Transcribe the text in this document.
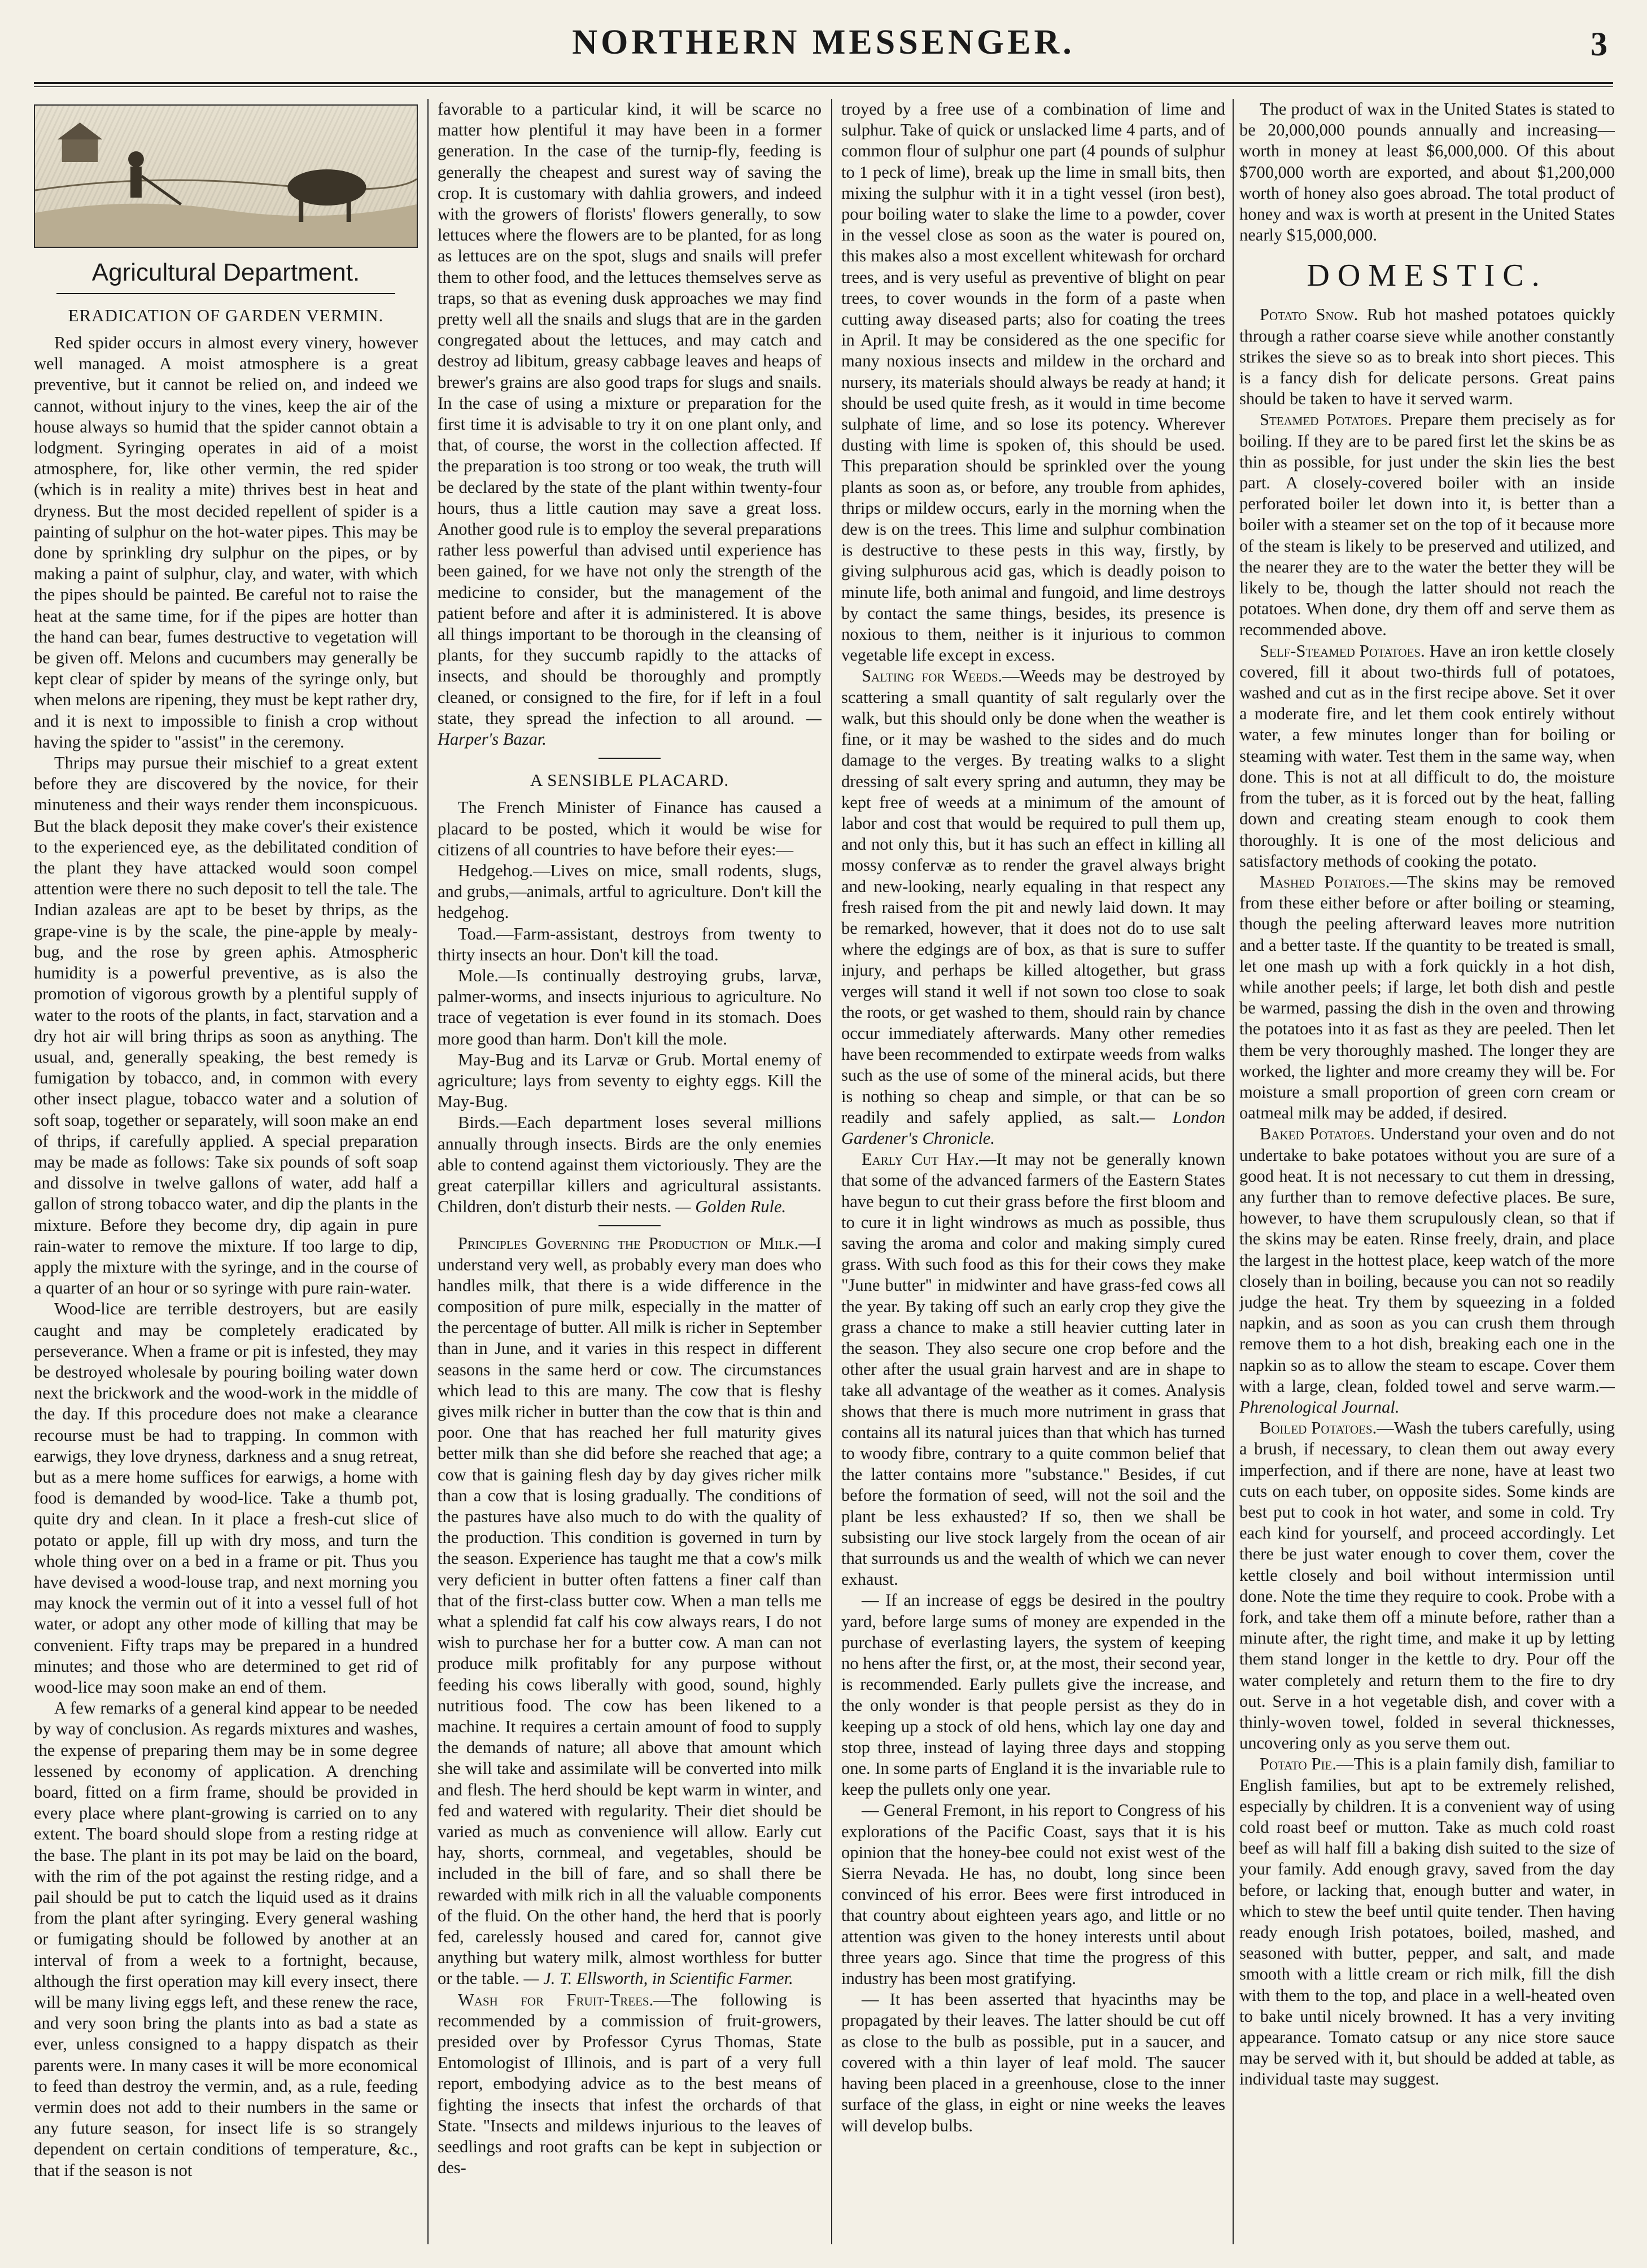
NORTHERN MESSENGER.	3
Agricultural Department.
ERADICATION OF GARDEN VERMIN.

Red spider occurs in almost every vinery, however well managed. A moist atmosphere is a great preventive, but it cannot be relied on, and indeed we cannot, without injury to the vines, keep the air of the house always so humid that the spider cannot obtain a lodgment. Syringing operates in aid of a moist atmosphere, for, like other vermin, the red spider (which is in reality a mite) thrives best in heat and dryness. But the most decided repellent of spider is a painting of sulphur on the hot-water pipes. This may be done by sprinkling dry sulphur on the pipes, or by making a paint of sulphur, clay, and water, with which the pipes should be painted. Be careful not to raise the heat at the same time, for if the pipes are hotter than the hand can bear, fumes destructive to vegetation will be given off. Melons and cucumbers may generally be kept clear of spider by means of the syringe only, but when melons are ripening, they must be kept rather dry, and it is next to impossible to finish a crop without having the spider to "assist" in the ceremony.

Thrips may pursue their mischief to a great extent before they are discovered by the novice, for their minuteness and their ways render them inconspicuous. But the black deposit they make cover's their existence to the experienced eye, as the debilitated condition of the plant they have attacked would soon compel attention were there no such deposit to tell the tale. The Indian azaleas are apt to be beset by thrips, as the grape-vine is by the scale, the pine-apple by mealy-bug, and the rose by green aphis. Atmospheric humidity is a powerful preventive, as is also the promotion of vigorous growth by a plentiful supply of water to the roots of the plants, in fact, starvation and a dry hot air will bring thrips as soon as anything. The usual, and, generally speaking, the best remedy is fumigation by tobacco, and, in common with every other insect plague, tobacco water and a solution of soft soap, together or separately, will soon make an end of thrips, if carefully applied. A special preparation may be made as follows: Take six pounds of soft soap and dissolve in twelve gallons of water, add half a gallon of strong tobacco water, and dip the plants in the mixture. Before they become dry, dip again in pure rain-water to remove the mixture. If too large to dip, apply the mixture with the syringe, and in the course of a quarter of an hour or so syringe with pure rain-water.

Wood-lice are terrible destroyers, but are easily caught and may be completely eradicated by perseverance. When a frame or pit is infested, they may be destroyed wholesale by pouring boiling water down next the brickwork and the wood-work in the middle of the day. If this procedure does not make a clearance recourse must be had to trapping. In common with earwigs, they love dryness, darkness and a snug retreat, but as a mere home suffices for earwigs, a home with food is demanded by wood-lice. Take a thumb pot, quite dry and clean. In it place a fresh-cut slice of potato or apple, fill up with dry moss, and turn the whole thing over on a bed in a frame or pit. Thus you have devised a wood-louse trap, and next morning you may knock the vermin out of it into a vessel full of hot water, or adopt any other mode of killing that may be convenient. Fifty traps may be prepared in a hundred minutes; and those who are determined to get rid of wood-lice may soon make an end of them.

A few remarks of a general kind appear to be needed by way of conclusion. As regards mixtures and washes, the expense of preparing them may be in some degree lessened by economy of application. A drenching board, fitted on a firm frame, should be provided in every place where plant-growing is carried on to any extent. The board should slope from a resting ridge at the base. The plant in its pot may be laid on the board, with the rim of the pot against the resting ridge, and a pail should be put to catch the liquid used as it drains from the plant after syringing. Every general washing or fumigating should be followed by another at an interval of from a week to a fortnight, because, although the first operation may kill every insect, there will be many living eggs left, and these renew the race, and very soon bring the plants into as bad a state as ever, unless consigned to a happy dispatch as their parents were. In many cases it will be more economical to feed than destroy the vermin, and, as a rule, feeding vermin does not add to their numbers in the same or any future season, for insect life is so strangely dependent on certain conditions of temperature, &c., that if the season is not

favorable to a particular kind, it will be scarce no matter how plentiful it may have been in a former generation. In the case of the turnip-fly, feeding is generally the cheapest and surest way of saving the crop. It is customary with dahlia growers, and indeed with the growers of florists' flowers generally, to sow lettuces where the flowers are to be planted, for as long as lettuces are on the spot, slugs and snails will prefer them to other food, and the lettuces themselves serve as traps, so that as evening dusk approaches we may find pretty well all the snails and slugs that are in the garden congregated about the lettuces, and may catch and destroy ad libitum, greasy cabbage leaves and heaps of brewer's grains are also good traps for slugs and snails. In the case of using a mixture or preparation for the first time it is advisable to try it on one plant only, and that, of course, the worst in the collection affected. If the preparation is too strong or too weak, the truth will be declared by the state of the plant within twenty-four hours, thus a little caution may save a great loss. Another good rule is to employ the several preparations rather less powerful than advised until experience has been gained, for we have not only the strength of the medicine to consider, but the management of the patient before and after it is administered. It is above all things important to be thorough in the cleansing of plants, for they succumb rapidly to the attacks of insects, and should be thoroughly and promptly cleaned, or consigned to the fire, for if left in a foul state, they spread the infection to all around. — Harper's Bazar.

A SENSIBLE PLACARD.

The French Minister of Finance has caused a placard to be posted, which it would be wise for citizens of all countries to have before their eyes:—

Hedgehog.—Lives on mice, small rodents, slugs, and grubs,—animals, artful to agriculture. Don't kill the hedgehog.

Toad.—Farm-assistant, destroys from twenty to thirty insects an hour. Don't kill the toad.

Mole.—Is continually destroying grubs, larvæ, palmer-worms, and insects injurious to agriculture. No trace of vegetation is ever found in its stomach. Does more good than harm. Don't kill the mole.

May-Bug and its Larvæ or Grub. Mortal enemy of agriculture; lays from seventy to eighty eggs. Kill the May-Bug.

Birds.—Each department loses several millions annually through insects. Birds are the only enemies able to contend against them victoriously. They are the great caterpillar killers and agricultural assistants. Children, don't disturb their nests. — Golden Rule.

Principles Governing the Production of Milk.—I understand very well, as probably every man does who handles milk, that there is a wide difference in the composition of pure milk, especially in the matter of the percentage of butter. All milk is richer in September than in June, and it varies in this respect in different seasons in the same herd or cow. The circumstances which lead to this are many. The cow that is fleshy gives milk richer in butter than the cow that is thin and poor. One that has reached her full maturity gives better milk than she did before she reached that age; a cow that is gaining flesh day by day gives richer milk than a cow that is losing gradually. The conditions of the pastures have also much to do with the quality of the production. This condition is governed in turn by the season. Experience has taught me that a cow's milk very deficient in butter often fattens a finer calf than that of the first-class butter cow. When a man tells me what a splendid fat calf his cow always rears, I do not wish to purchase her for a butter cow. A man can not produce milk profitably for any purpose without feeding his cows liberally with good, sound, highly nutritious food. The cow has been likened to a machine. It requires a certain amount of food to supply the demands of nature; all above that amount which she will take and assimilate will be converted into milk and flesh. The herd should be kept warm in winter, and fed and watered with regularity. Their diet should be varied as much as convenience will allow. Early cut hay, shorts, cornmeal, and vegetables, should be included in the bill of fare, and so shall there be rewarded with milk rich in all the valuable components of the fluid. On the other hand, the herd that is poorly fed, carelessly housed and cared for, cannot give anything but watery milk, almost worthless for butter or the table. — J. T. Ellsworth, in Scientific Farmer.

Wash for Fruit-Trees.—The following is recommended by a commission of fruit-growers, presided over by Professor Cyrus Thomas, State Entomologist of Illinois, and is part of a very full report, embodying advice as to the best means of fighting the insects that infest the orchards of that State. "Insects and mildews injurious to the leaves of seedlings and root grafts can be kept in subjection or des-

troyed by a free use of a combination of lime and sulphur. Take of quick or unslacked lime 4 parts, and of common flour of sulphur one part (4 pounds of sulphur to 1 peck of lime), break up the lime in small bits, then mixing the sulphur with it in a tight vessel (iron best), pour boiling water to slake the lime to a powder, cover in the vessel close as soon as the water is poured on, this makes also a most excellent whitewash for orchard trees, and is very useful as preventive of blight on pear trees, to cover wounds in the form of a paste when cutting away diseased parts; also for coating the trees in April. It may be considered as the one specific for many noxious insects and mildew in the orchard and nursery, its materials should always be ready at hand; it should be used quite fresh, as it would in time become sulphate of lime, and so lose its potency. Wherever dusting with lime is spoken of, this should be used. This preparation should be sprinkled over the young plants as soon as, or before, any trouble from aphides, thrips or mildew occurs, early in the morning when the dew is on the trees. This lime and sulphur combination is destructive to these pests in this way, firstly, by giving sulphurous acid gas, which is deadly poison to minute life, both animal and fungoid, and lime destroys by contact the same things, besides, its presence is noxious to them, neither is it injurious to common vegetable life except in excess.

Salting for Weeds.—Weeds may be destroyed by scattering a small quantity of salt regularly over the walk, but this should only be done when the weather is fine, or it may be washed to the sides and do much damage to the verges. By treating walks to a slight dressing of salt every spring and autumn, they may be kept free of weeds at a minimum of the amount of labor and cost that would be required to pull them up, and not only this, but it has such an effect in killing all mossy confervæ as to render the gravel always bright and new-looking, nearly equaling in that respect any fresh raised from the pit and newly laid down. It may be remarked, however, that it does not do to use salt where the edgings are of box, as that is sure to suffer injury, and perhaps be killed altogether, but grass verges will stand it well if not sown too close to soak the roots, or get washed to them, should rain by chance occur immediately afterwards. Many other remedies have been recommended to extirpate weeds from walks such as the use of some of the mineral acids, but there is nothing so cheap and simple, or that can be so readily and safely applied, as salt.— London Gardener's Chronicle.

Early Cut Hay.—It may not be generally known that some of the advanced farmers of the Eastern States have begun to cut their grass before the first bloom and to cure it in light windrows as much as possible, thus saving the aroma and color and making simply cured grass. With such food as this for their cows they make "June butter" in midwinter and have grass-fed cows all the year. By taking off such an early crop they give the grass a chance to make a still heavier cutting later in the season. They also secure one crop before and the other after the usual grain harvest and are in shape to take all advantage of the weather as it comes. Analysis shows that there is much more nutriment in grass that contains all its natural juices than that which has turned to woody fibre, contrary to a quite common belief that the latter contains more "substance." Besides, if cut before the formation of seed, will not the soil and the plant be less exhausted? If so, then we shall be subsisting our live stock largely from the ocean of air that surrounds us and the wealth of which we can never exhaust.

— If an increase of eggs be desired in the poultry yard, before large sums of money are expended in the purchase of everlasting layers, the system of keeping no hens after the first, or, at the most, their second year, is recommended. Early pullets give the increase, and the only wonder is that people persist as they do in keeping up a stock of old hens, which lay one day and stop three, instead of laying three days and stopping one. In some parts of England it is the invariable rule to keep the pullets only one year.

— General Fremont, in his report to Congress of his explorations of the Pacific Coast, says that it is his opinion that the honey-bee could not exist west of the Sierra Nevada. He has, no doubt, long since been convinced of his error. Bees were first introduced in that country about eighteen years ago, and little or no attention was given to the honey interests until about three years ago. Since that time the progress of this industry has been most gratifying.

— It has been asserted that hyacinths may be propagated by their leaves. The latter should be cut off as close to the bulb as possible, put in a saucer, and covered with a thin layer of leaf mold. The saucer having been placed in a greenhouse, close to the inner surface of the glass, in eight or nine weeks the leaves will develop bulbs.

The product of wax in the United States is stated to be 20,000,000 pounds annually and increasing—worth in money at least $6,000,000. Of this about $700,000 worth are exported, and about $1,200,000 worth of honey also goes abroad. The total product of honey and wax is worth at present in the United States nearly $15,000,000.

DOMESTIC.

Potato Snow. Rub hot mashed potatoes quickly through a rather coarse sieve while another constantly strikes the sieve so as to break into short pieces. This is a fancy dish for delicate persons. Great pains should be taken to have it served warm.

Steamed Potatoes. Prepare them precisely as for boiling. If they are to be pared first let the skins be as thin as possible, for just under the skin lies the best part. A closely-covered boiler with an inside perforated boiler let down into it, is better than a boiler with a steamer set on the top of it because more of the steam is likely to be preserved and utilized, and the nearer they are to the water the better they will be likely to be, though the latter should not reach the potatoes. When done, dry them off and serve them as recommended above.

Self-Steamed Potatoes. Have an iron kettle closely covered, fill it about two-thirds full of potatoes, washed and cut as in the first recipe above. Set it over a moderate fire, and let them cook entirely without water, a few minutes longer than for boiling or steaming with water. Test them in the same way, when done. This is not at all difficult to do, the moisture from the tuber, as it is forced out by the heat, falling down and creating steam enough to cook them thoroughly. It is one of the most delicious and satisfactory methods of cooking the potato.

Mashed Potatoes.—The skins may be removed from these either before or after boiling or steaming, though the peeling afterward leaves more nutrition and a better taste. If the quantity to be treated is small, let one mash up with a fork quickly in a hot dish, while another peels; if large, let both dish and pestle be warmed, passing the dish in the oven and throwing the potatoes into it as fast as they are peeled. Then let them be very thoroughly mashed. The longer they are worked, the lighter and more creamy they will be. For moisture a small proportion of green corn cream or oatmeal milk may be added, if desired.

Baked Potatoes. Understand your oven and do not undertake to bake potatoes without you are sure of a good heat. It is not necessary to cut them in dressing, any further than to remove defective places. Be sure, however, to have them scrupulously clean, so that if the skins may be eaten. Rinse freely, drain, and place the largest in the hottest place, keep watch of the more closely than in boiling, because you can not so readily judge the heat. Try them by squeezing in a folded napkin, and as soon as you can crush them through remove them to a hot dish, breaking each one in the napkin so as to allow the steam to escape. Cover them with a large, clean, folded towel and serve warm.— Phrenological Journal.

Boiled Potatoes.—Wash the tubers carefully, using a brush, if necessary, to clean them out away every imperfection, and if there are none, have at least two cuts on each tuber, on opposite sides. Some kinds are best put to cook in hot water, and some in cold. Try each kind for yourself, and proceed accordingly. Let there be just water enough to cover them, cover the kettle closely and boil without intermission until done. Note the time they require to cook. Probe with a fork, and take them off a minute before, rather than a minute after, the right time, and make it up by letting them stand longer in the kettle to dry. Pour off the water completely and return them to the fire to dry out. Serve in a hot vegetable dish, and cover with a thinly-woven towel, folded in several thicknesses, uncovering only as you serve them out.

Potato Pie.—This is a plain family dish, familiar to English families, but apt to be extremely relished, especially by children. It is a convenient way of using cold roast beef or mutton. Take as much cold roast beef as will half fill a baking dish suited to the size of your family. Add enough gravy, saved from the day before, or lacking that, enough butter and water, in which to stew the beef until quite tender. Then having ready enough Irish potatoes, boiled, mashed, and seasoned with butter, pepper, and salt, and made smooth with a little cream or rich milk, fill the dish with them to the top, and place in a well-heated oven to bake until nicely browned. It has a very inviting appearance. Tomato catsup or any nice store sauce may be served with it, but should be added at table, as individual taste may suggest.
